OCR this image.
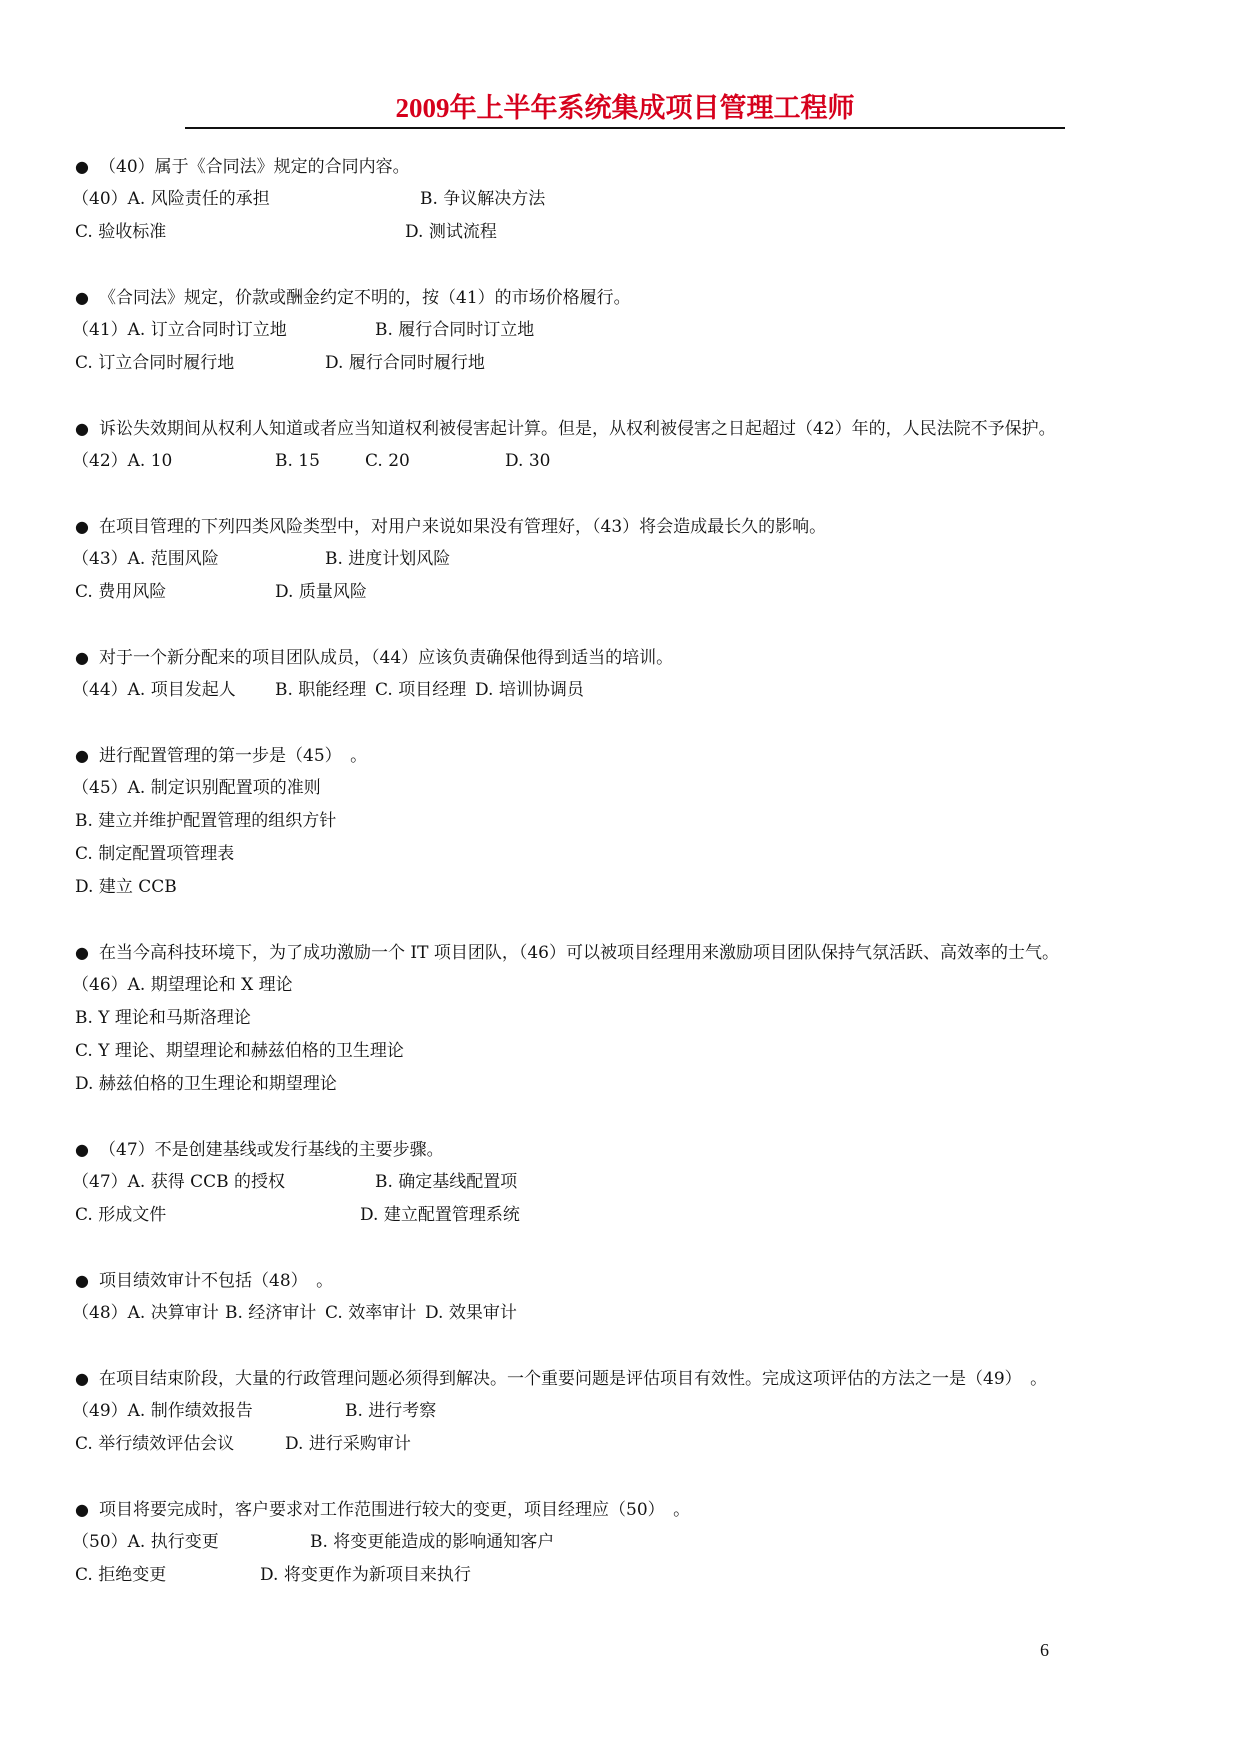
2009年上半年系统集成项目管理工程师
● （40）属于《合同法》规定的合同内容。
（40）A. 风险责任的承担	B. 争议解决方法
C. 验收标准	D. 测试流程
● 《合同法》规定，价款或酬金约定不明的，按（41）的市场价格履行。
（41）A. 订立合同时订立地	B. 履行合同时订立地
C. 订立合同时履行地	D. 履行合同时履行地
● 诉讼失效期间从权利人知道或者应当知道权利被侵害起计算。但是，从权利被侵害之日起超过（42）年的，人民法院不予保护。
（42）A. 10	B. 15	C. 20	D. 30
● 在项目管理的下列四类风险类型中，对用户来说如果没有管理好，（43）将会造成最长久的影响。
（43）A. 范围风险	B. 进度计划风险
C. 费用风险	D. 质量风险
● 对于一个新分配来的项目团队成员，（44）应该负责确保他得到适当的培训。
（44）A. 项目发起人 B. 职能经理 C. 项目经理 D. 培训协调员
● 进行配置管理的第一步是（45）　。
（45）A. 制定识别配置项的准则
B. 建立并维护配置管理的组织方针
C. 制定配置项管理表
D. 建立 CCB
● 在当今高科技环境下，为了成功激励一个 IT 项目团队，（46）可以被项目经理用来激励项目团队保持气氛活跃、高效率的士气。
（46）A. 期望理论和 X 理论
B. Y 理论和马斯洛理论
C. Y 理论、期望理论和赫兹伯格的卫生理论
D. 赫兹伯格的卫生理论和期望理论
● （47）不是创建基线或发行基线的主要步骤。
（47）A. 获得 CCB 的授权	B. 确定基线配置项
C. 形成文件	D. 建立配置管理系统
● 项目绩效审计不包括（48）　。
（48）A. 决算审计 B. 经济审计 C. 效率审计 D. 效果审计
● 在项目结束阶段，大量的行政管理问题必须得到解决。一个重要问题是评估项目有效性。完成这项评估的方法之一是（49）　。
（49）A. 制作绩效报告	B. 进行考察
C. 举行绩效评估会议	D. 进行采购审计
● 项目将要完成时，客户要求对工作范围进行较大的变更，项目经理应（50）　。
（50）A. 执行变更	B. 将变更能造成的影响通知客户
C. 拒绝变更	D. 将变更作为新项目来执行
6
